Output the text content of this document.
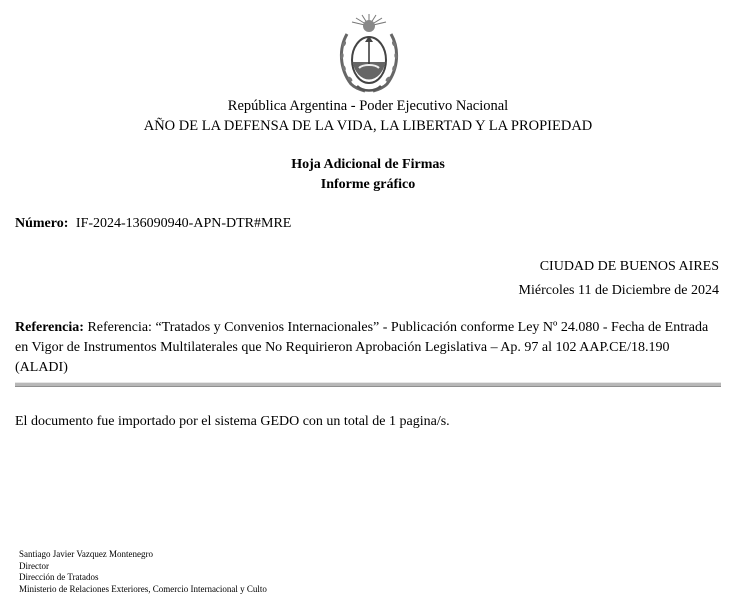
República Argentina - Poder Ejecutivo Nacional
AÑO DE LA DEFENSA DE LA VIDA, LA LIBERTAD Y LA PROPIEDAD
Hoja Adicional de Firmas
Informe gráfico
Número: IF-2024-136090940-APN-DTR#MRE
CIUDAD DE BUENOS AIRES
Miércoles 11 de Diciembre de 2024
Referencia: Referencia: “Tratados y Convenios Internacionales” - Publicación conforme Ley Nº 24.080 - Fecha de Entrada en Vigor de Instrumentos Multilaterales que No Requirieron Aprobación Legislativa – Ap. 97 al 102 AAP.CE/18.190 (ALADI)
El documento fue importado por el sistema GEDO con un total de 1 pagina/s.
Santiago Javier Vazquez Montenegro
Director
Dirección de Tratados
Ministerio de Relaciones Exteriores, Comercio Internacional y Culto
